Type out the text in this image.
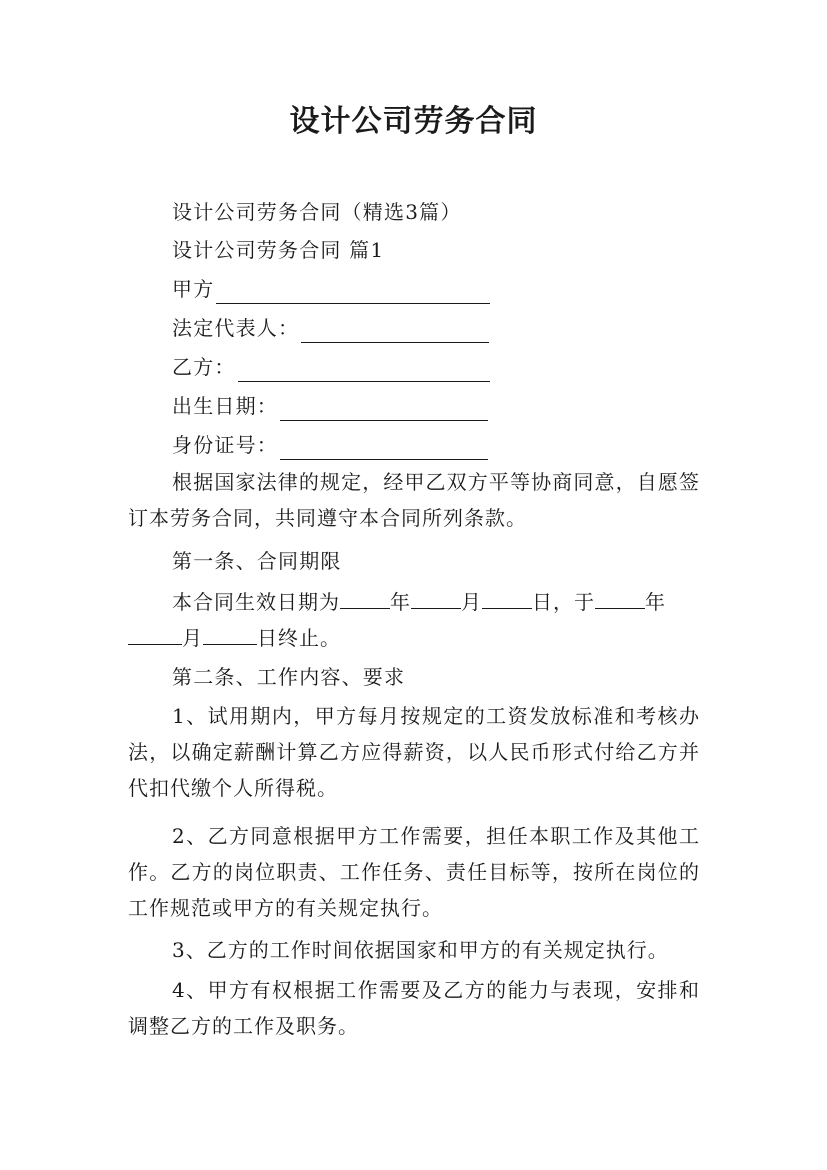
设计公司劳务合同
设计公司劳务合同（精选3篇）
设计公司劳务合同 篇1
甲方
法定代表人：
乙方：
出生日期：
身份证号：
根据国家法律的规定，经甲乙双方平等协商同意，自愿签订本劳务合同，共同遵守本合同所列条款。
第一条、合同期限
本合同生效日期为	年	月	日，于	年
月	日终止。
第二条、工作内容、要求
1、试用期内，甲方每月按规定的工资发放标准和考核办法，以确定薪酬计算乙方应得薪资，以人民币形式付给乙方并代扣代缴个人所得税。
2、乙方同意根据甲方工作需要，担任本职工作及其他工作。乙方的岗位职责、工作任务、责任目标等，按所在岗位的工作规范或甲方的有关规定执行。
3、乙方的工作时间依据国家和甲方的有关规定执行。
4、甲方有权根据工作需要及乙方的能力与表现，安排和调整乙方的工作及职务。
